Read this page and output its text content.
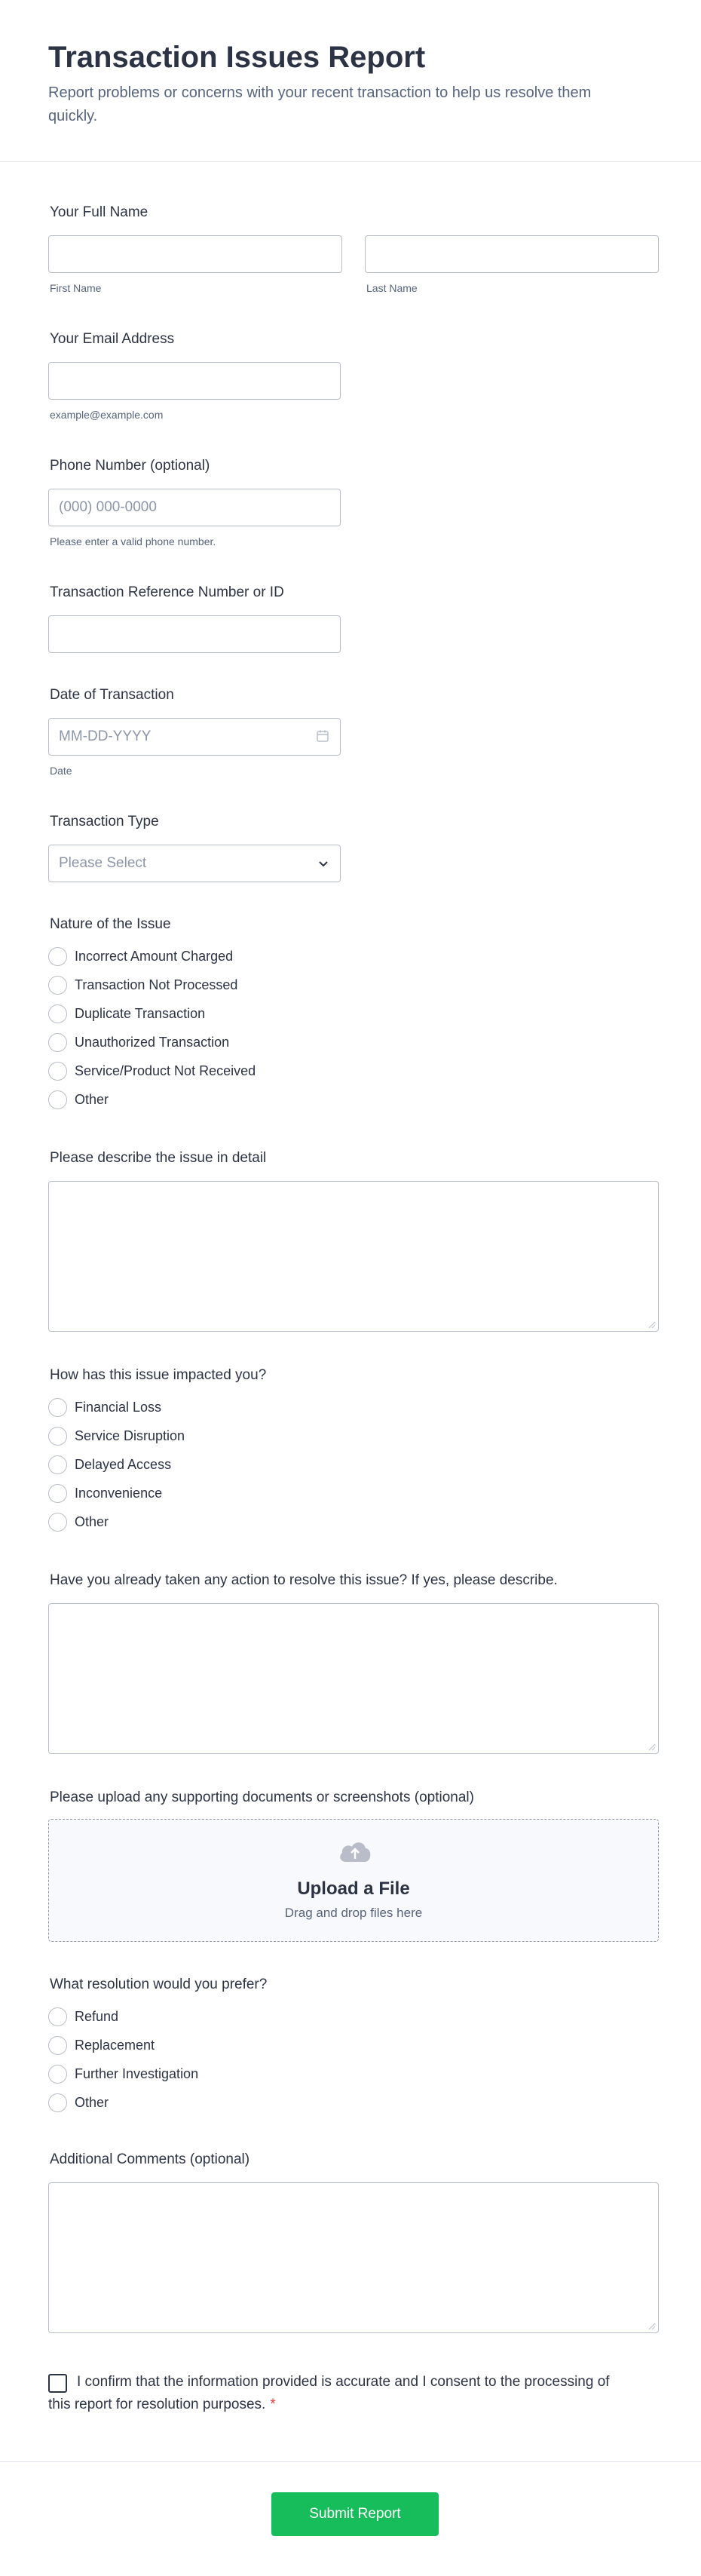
Transaction Issues Report

Report problems or concerns with your recent transaction to help us resolve them quickly.

Your Full Name
First Name	Last Name
Your Email Address
example@example.com
Phone Number (optional)
(000) 000-0000
Please enter a valid phone number.
Transaction Reference Number or ID
Date of Transaction
MM-DD-YYYY
Date
Transaction Type
Please Select
Nature of the Issue
Incorrect Amount Charged
Transaction Not Processed
Duplicate Transaction
Unauthorized Transaction
Service/Product Not Received
Other
Please describe the issue in detail
How has this issue impacted you?
Financial Loss
Service Disruption
Delayed Access
Inconvenience
Other
Have you already taken any action to resolve this issue? If yes, please describe.
Please upload any supporting documents or screenshots (optional)
Upload a File
Drag and drop files here
What resolution would you prefer?
Refund
Replacement
Further Investigation
Other
Additional Comments (optional)
I confirm that the information provided is accurate and I consent to the processing of this report for resolution purposes. *
Submit Report
